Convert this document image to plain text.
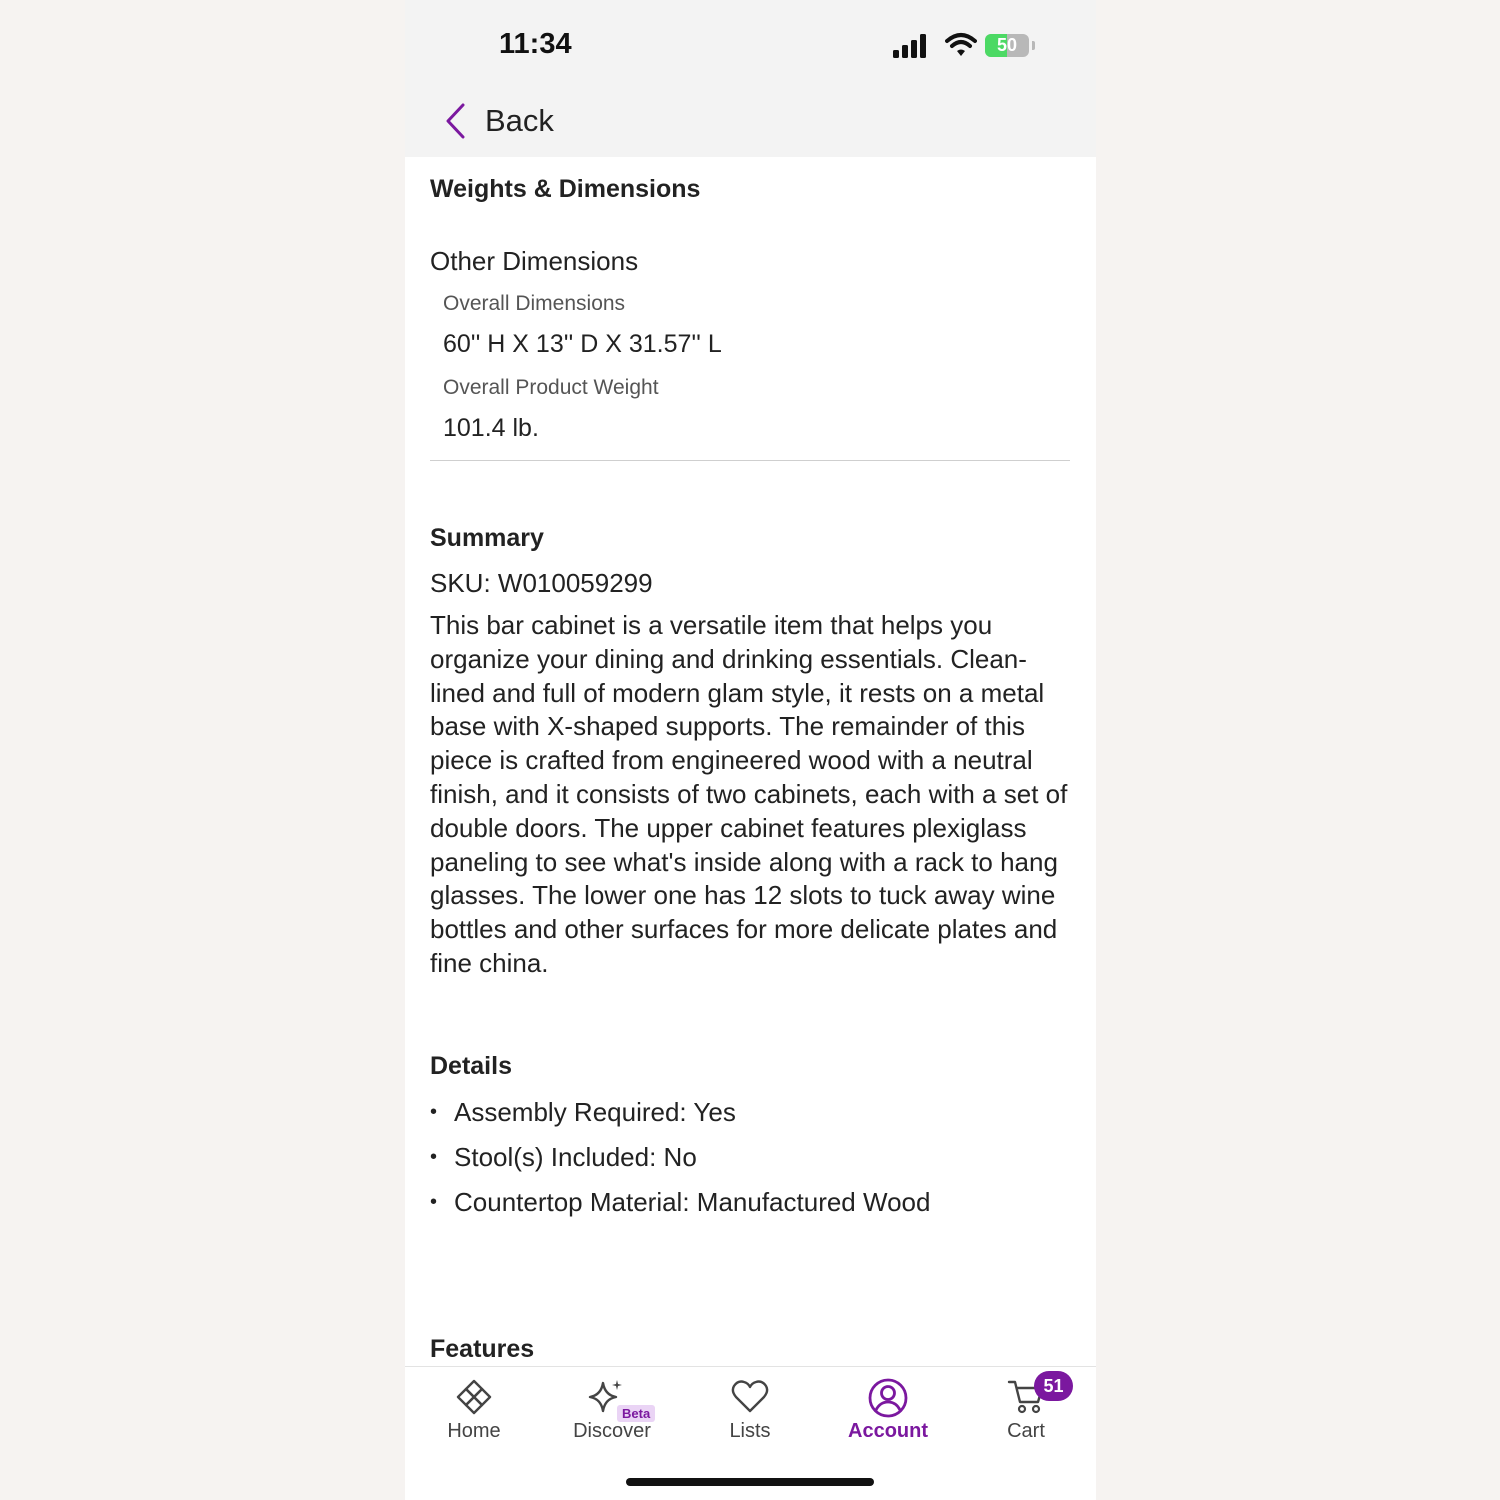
11:34	50
Back
Weights & Dimensions
Other Dimensions
Overall Dimensions
60'' H X 13'' D X 31.57'' L
Overall Product Weight
101.4 lb.
Summary
SKU: W010059299
This bar cabinet is a versatile item that helps you organize your dining and drinking essentials. Clean-lined and full of modern glam style, it rests on a metal base with X-shaped supports. The remainder of this piece is crafted from engineered wood with a neutral finish, and it consists of two cabinets, each with a set of double doors. The upper cabinet features plexiglass paneling to see what's inside along with a rack to hang glasses. The lower one has 12 slots to tuck away wine bottles and other surfaces for more delicate plates and fine china.
Details
• Assembly Required: Yes
• Stool(s) Included: No
• Countertop Material: Manufactured Wood
Features
Home
Beta
Discover	Lists	Account
51
Cart
